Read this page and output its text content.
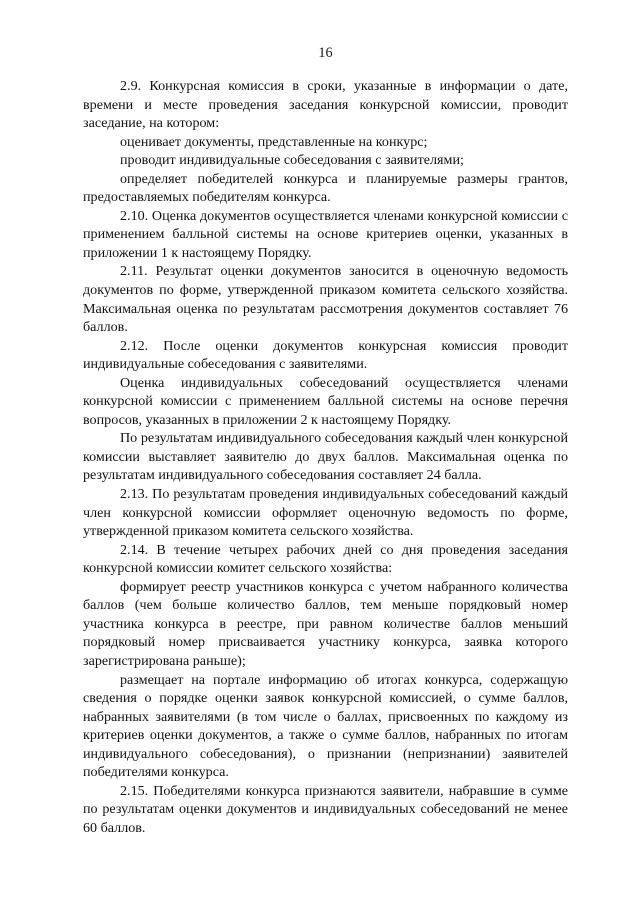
16

2.9. Конкурсная комиссия в сроки, указанные в информации о дате, времени и месте проведения заседания конкурсной комиссии, проводит заседание, на котором:

оценивает документы, представленные на конкурс;

проводит индивидуальные собеседования с заявителями;

определяет победителей конкурса и планируемые размеры грантов, предоставляемых победителям конкурса.

2.10. Оценка документов осуществляется членами конкурсной комиссии с применением балльной системы на основе критериев оценки, указанных в приложении 1 к настоящему Порядку.

2.11. Результат оценки документов заносится в оценочную ведомость документов по форме, утвержденной приказом комитета сельского хозяйства. Максимальная оценка по результатам рассмотрения документов составляет 76 баллов.

2.12. После оценки документов конкурсная комиссия проводит индивидуальные собеседования с заявителями.

Оценка индивидуальных собеседований осуществляется членами конкурсной комиссии с применением балльной системы на основе перечня вопросов, указанных в приложении 2 к настоящему Порядку.

По результатам индивидуального собеседования каждый член конкурсной комиссии выставляет заявителю до двух баллов. Максимальная оценка по результатам индивидуального собеседования составляет 24 балла.

2.13. По результатам проведения индивидуальных собеседований каждый член конкурсной комиссии оформляет оценочную ведомость по форме, утвержденной приказом комитета сельского хозяйства.

2.14. В течение четырех рабочих дней со дня проведения заседания конкурсной комиссии комитет сельского хозяйства:

формирует реестр участников конкурса с учетом набранного количества баллов (чем больше количество баллов, тем меньше порядковый номер участника конкурса в реестре, при равном количестве баллов меньший порядковый номер присваивается участнику конкурса, заявка которого зарегистрирована раньше);

размещает на портале информацию об итогах конкурса, содержащую сведения о порядке оценки заявок конкурсной комиссией, о сумме баллов, набранных заявителями (в том числе о баллах, присвоенных по каждому из критериев оценки документов, а также о сумме баллов, набранных по итогам индивидуального собеседования), о признании (непризнании) заявителей победителями конкурса.

2.15. Победителями конкурса признаются заявители, набравшие в сумме по результатам оценки документов и индивидуальных собеседований не менее 60 баллов.
